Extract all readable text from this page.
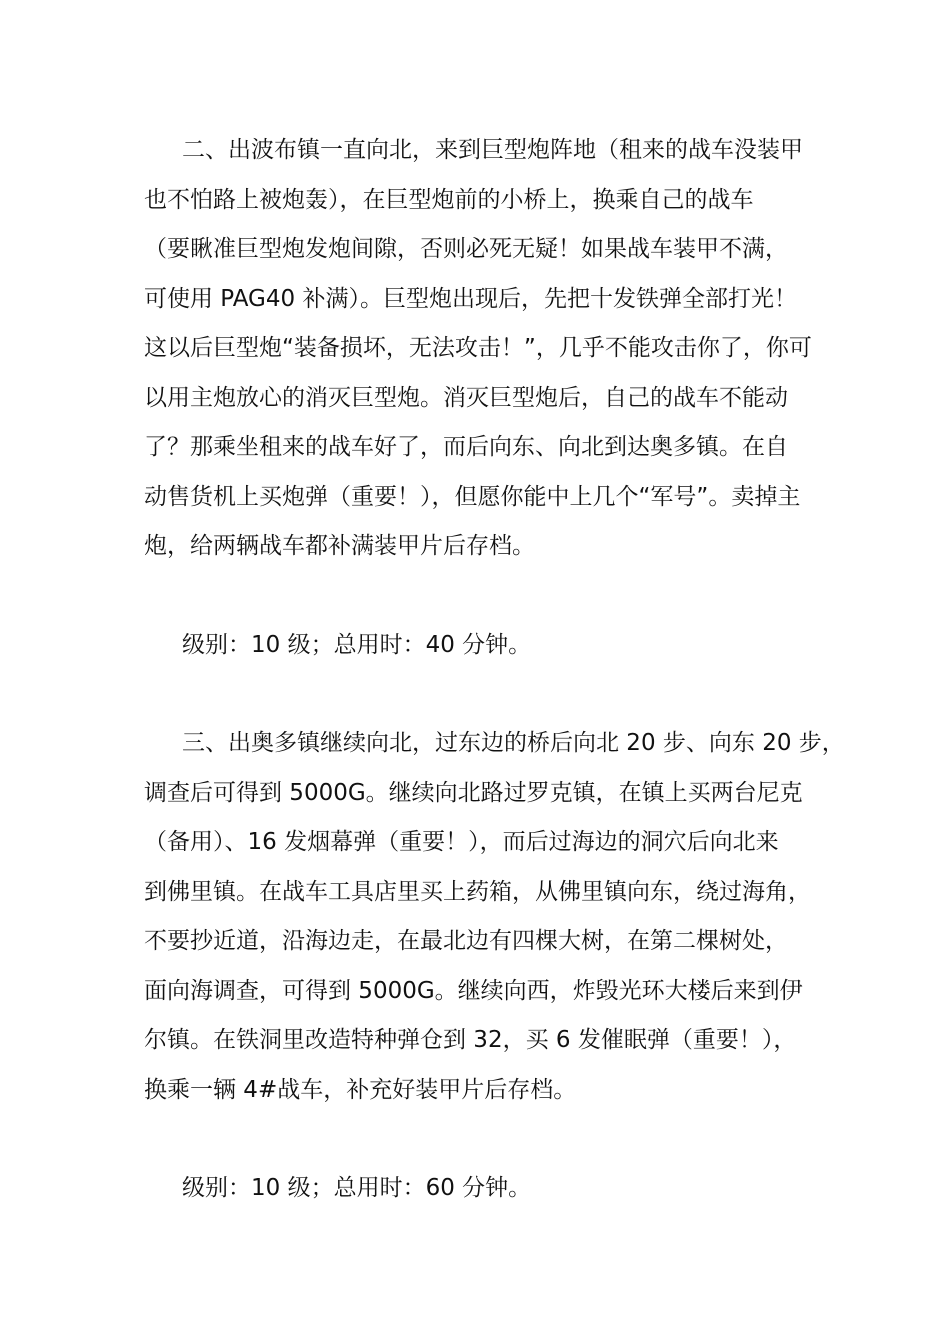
二、出波布镇一直向北，来到巨型炮阵地（租来的战车没装甲
也不怕路上被炮轰），在巨型炮前的小桥上，换乘自己的战车
（要瞅准巨型炮发炮间隙，否则必死无疑！如果战车装甲不满，
可使用 PAG40 补满）。巨型炮出现后，先把十发铁弹全部打光！
这以后巨型炮“装备损坏，无法攻击！”，几乎不能攻击你了，你可
以用主炮放心的消灭巨型炮。消灭巨型炮后，自己的战车不能动
了？那乘坐租来的战车好了，而后向东、向北到达奥多镇。在自
动售货机上买炮弹（重要！），但愿你能中上几个“军号”。卖掉主
炮，给两辆战车都补满装甲片后存档。
级别：10 级；总用时：40 分钟。
三、出奥多镇继续向北，过东边的桥后向北 20 步、向东 20 步，
调查后可得到 5000G。继续向北路过罗克镇，在镇上买两台尼克
（备用）、16 发烟幕弹（重要！），而后过海边的洞穴后向北来
到佛里镇。在战车工具店里买上药箱，从佛里镇向东，绕过海角，
不要抄近道，沿海边走，在最北边有四棵大树，在第二棵树处，
面向海调查，可得到 5000G。继续向西，炸毁光环大楼后来到伊
尔镇。在铁洞里改造特种弹仓到 32，买 6 发催眠弹（重要！），
换乘一辆 4#战车，补充好装甲片后存档。
级别：10 级；总用时：60 分钟。
